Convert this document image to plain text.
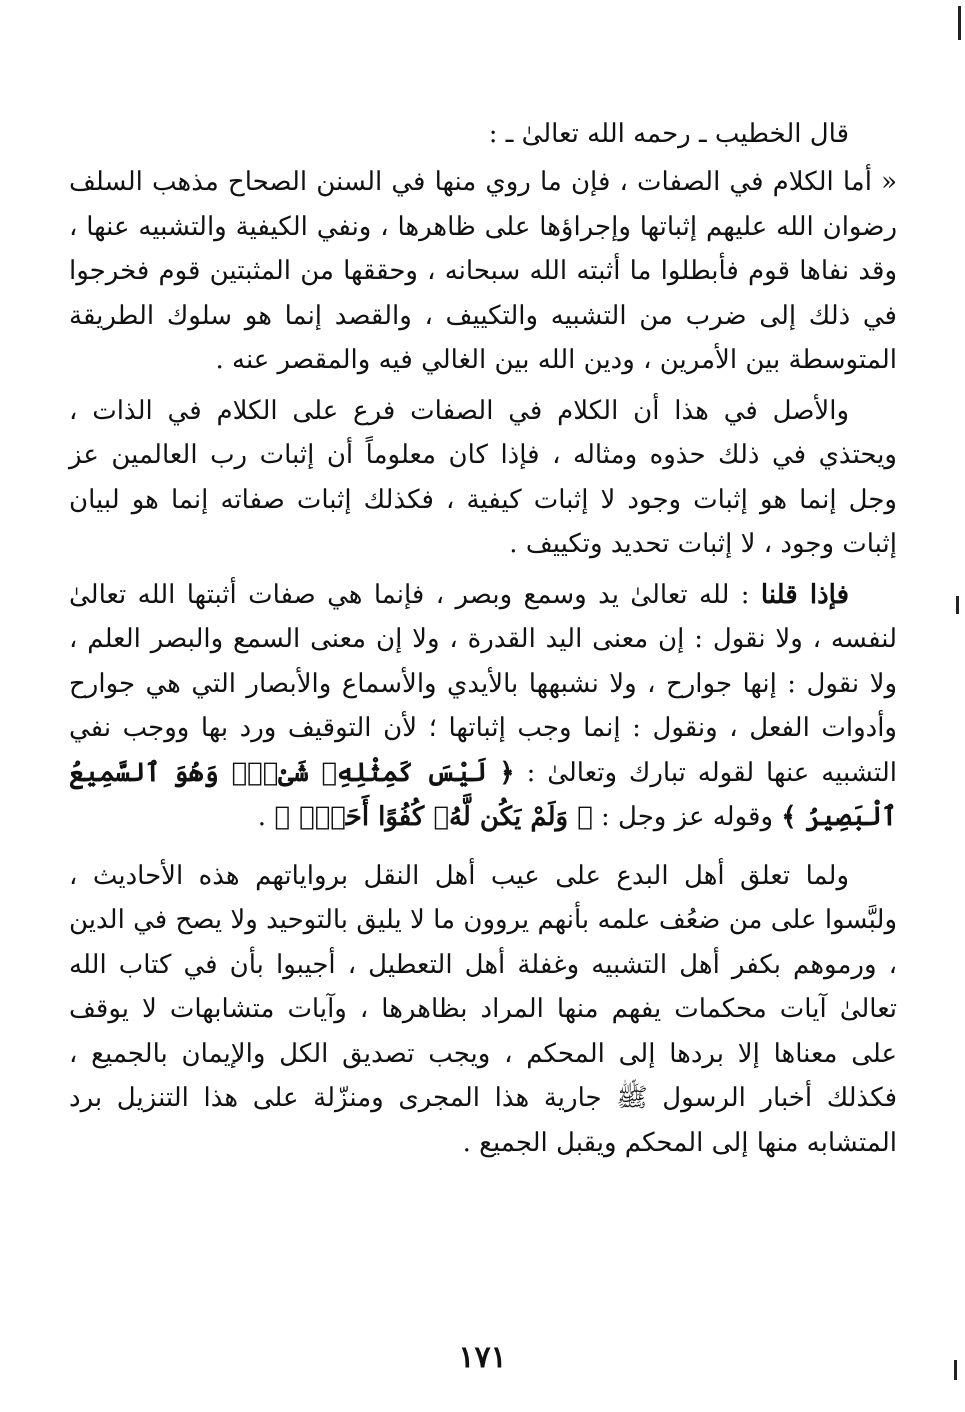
قال الخطيب ـ رحمه الله تعالىٰ ـ :

« أما الكلام في الصفات ، فإن ما روي منها في السنن الصحاح مذهب السلف رضوان الله عليهم إثباتها وإجراؤها على ظاهرها ، ونفي الكيفية والتشبيه عنها ، وقد نفاها قوم فأبطلوا ما أثبته الله سبحانه ، وحققها من المثبتين قوم فخرجوا في ذلك إلى ضرب من التشبيه والتكييف ، والقصد إنما هو سلوك الطريقة المتوسطة بين الأمرين ، ودين الله بين الغالي فيه والمقصر عنه .

والأصل في هذا أن الكلام في الصفات فرع على الكلام في الذات ، ويحتذي في ذلك حذوه ومثاله ، فإذا كان معلوماً أن إثبات رب العالمين عز وجل إنما هو إثبات وجود لا إثبات كيفية ، فكذلك إثبات صفاته إنما هو لبيان إثبات وجود ، لا إثبات تحديد وتكييف .

فإذا قلنا : لله تعالىٰ يد وسمع وبصر ، فإنما هي صفات أثبتها الله تعالىٰ لنفسه ، ولا نقول : إن معنى اليد القدرة ، ولا إن معنى السمع والبصر العلم ، ولا نقول : إنها جوارح ، ولا نشبهها بالأيدي والأسماع والأبصار التي هي جوارح وأدوات الفعل ، ونقول : إنما وجب إثباتها ؛ لأن التوقيف ورد بها ووجب نفي التشبيه عنها لقوله تبارك وتعالىٰ : ﴿ لَيْسَ كَمِثْلِهِۦ شَىْءٌۭ وَهُوَ ٱلسَّمِيعُ ٱلْبَصِيرُ ﴾ وقوله عز وجل : ﴿ وَلَمْ يَكُن لَّهُۥ كُفُوًا أَحَدٌۢ ﴾ .

ولما تعلق أهل البدع على عيب أهل النقل برواياتهم هذه الأحاديث ، ولبَّسوا على من ضعُف علمه بأنهم يروون ما لا يليق بالتوحيد ولا يصح في الدين ، ورموهم بكفر أهل التشبيه وغفلة أهل التعطيل ، أجيبوا بأن في كتاب الله تعالىٰ آيات محكمات يفهم منها المراد بظاهرها ، وآيات متشابهات لا يوقف على معناها إلا بردها إلى المحكم ، ويجب تصديق الكل والإيمان بالجميع ، فكذلك أخبار الرسول ﷺ جارية هذا المجرى ومنزّلة على هذا التنزيل برد المتشابه منها إلى المحكم ويقبل الجميع .

١٧١
